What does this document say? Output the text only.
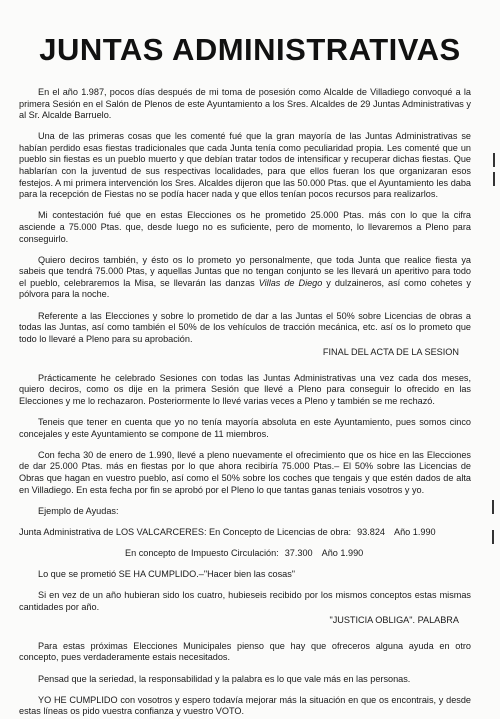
JUNTAS ADMINISTRATIVAS

En el año 1.987, pocos días después de mi toma de posesión como Alcalde de Villadiego convoqué a la primera Sesión en el Salón de Plenos de este Ayuntamiento a los Sres. Alcaldes de 29 Juntas Administrativas y al Sr. Alcalde Barruelo.

Una de las primeras cosas que les comenté fué que la gran mayoría de las Juntas Administrativas se habían perdido esas fiestas tradicionales que cada Junta tenía como peculiaridad propia. Les comenté que un pueblo sin fiestas es un pueblo muerto y que debían tratar todos de intensificar y recuperar dichas fiestas. Que hablarían con la juventud de sus respectivas localidades, para que ellos fueran los que organizaran esos festejos. A mi primera intervención los Sres. Alcaldes dijeron que las 50.000 Ptas. que el Ayuntamiento les daba para la recepción de Fiestas no se podía hacer nada y que ellos tenían pocos recursos para realizarlos.

Mi contestación fué que en estas Elecciones os he prometido 25.000 Ptas. más con lo que la cifra asciende a 75.000 Ptas. que, desde luego no es suficiente, pero de momento, lo llevaremos a Pleno para conseguirlo.

Quiero deciros también, y ésto os lo prometo yo personalmente, que toda Junta que realice fiesta ya sabeis que tendrá 75.000 Ptas, y aquellas Juntas que no tengan conjunto se les llevará un aperitivo para todo el pueblo, celebraremos la Misa, se llevarán las danzas Villas de Diego y dulzaineros, así como cohetes y pólvora para la noche.

Referente a las Elecciones y sobre lo prometido de dar a las Juntas el 50% sobre Licencias de obras a todas las Juntas, así como también el 50% de los vehículos de tracción mecánica, etc. así os lo prometo que todo lo llevaré a Pleno para su aprobación.

FINAL DEL ACTA DE LA SESION

Prácticamente he celebrado Sesiones con todas las Juntas Administrativas una vez cada dos meses, quiero deciros, como os dije en la primera Sesión que llevé a Pleno para conseguir lo ofrecido en las Elecciones y me lo rechazaron. Posteriormente lo llevé varias veces a Pleno y también se me rechazó.

Teneis que tener en cuenta que yo no tenía mayoría absoluta en este Ayuntamiento, pues somos cinco concejales y este Ayuntamiento se compone de 11 miembros.

Con fecha 30 de enero de 1.990, llevé a pleno nuevamente el ofrecimiento que os hice en las Elecciones de dar 25.000 Ptas. más en fiestas por lo que ahora recibiría 75.000 Ptas.– El 50% sobre las Licencias de Obras que hagan en vuestro pueblo, así como el 50% sobre los coches que tengais y que estén dados de alta en Villadiego. En esta fecha por fin se aprobó por el Pleno lo que tantas ganas teniais vosotros y yo.

Ejemplo de Ayudas:

Junta Administrativa de LOS VALCARCERES: En Concepto de Licencias de obra: 93.824 Año 1.990
En concepto de Impuesto Circulación: 37.300 Año 1.990

Lo que se prometió SE HA CUMPLIDO.–"Hacer bien las cosas"

Si en vez de un año hubieran sido los cuatro, hubieseis recibido por los mismos conceptos estas mismas cantidades por año.

"JUSTICIA OBLIGA". PALABRA

Para estas próximas Elecciones Municipales pienso que hay que ofreceros alguna ayuda en otro concepto, pues verdaderamente estais necesitados.

Pensad que la seriedad, la responsabilidad y la palabra es lo que vale más en las personas.

YO HE CUMPLIDO con vosotros y espero todavía mejorar más la situación en que os encontrais, y desde estas líneas os pido vuestra confianza y vuestro VOTO.
